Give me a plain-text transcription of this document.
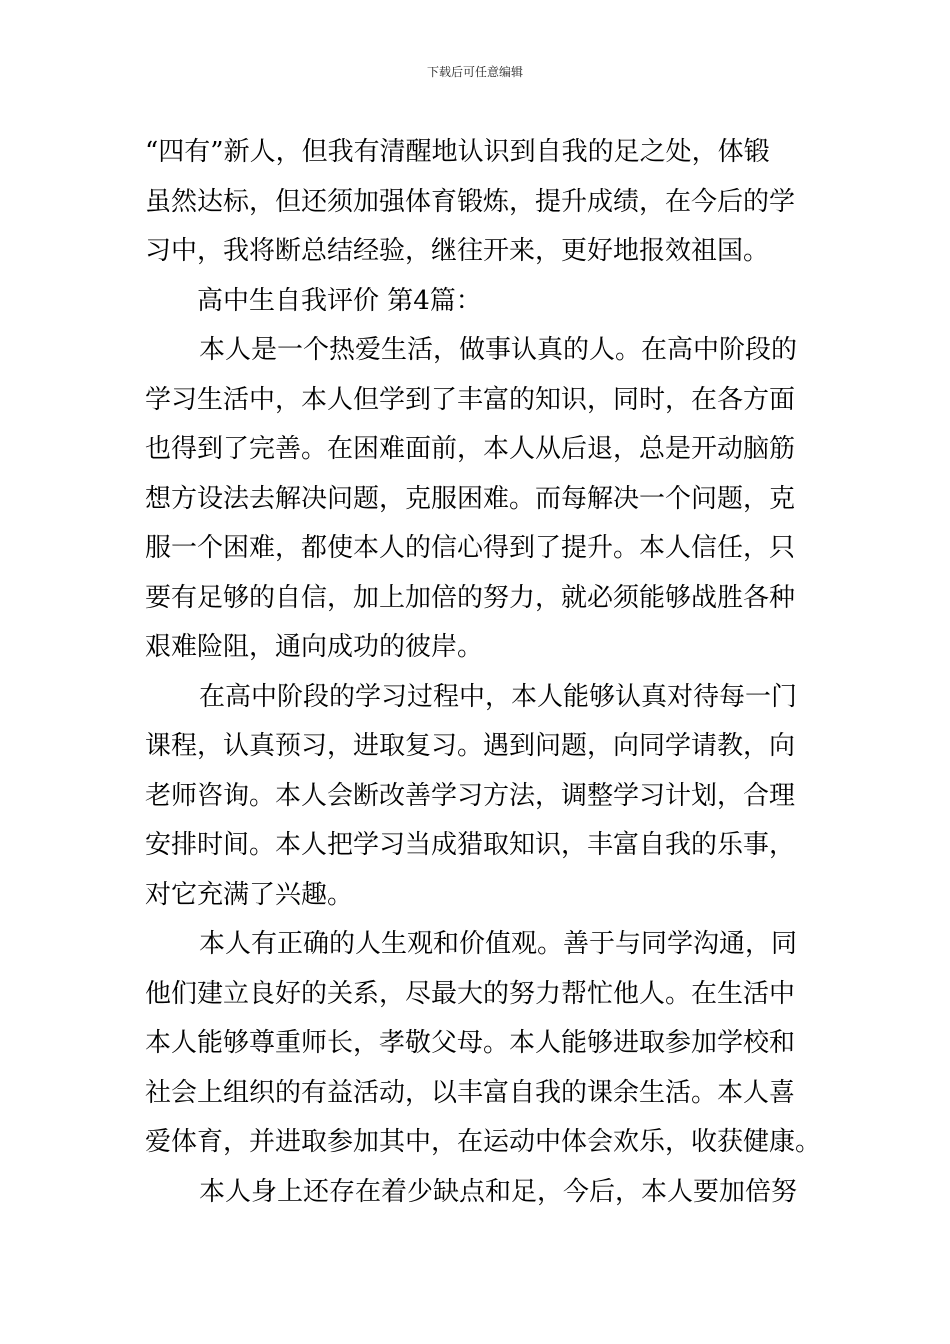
下载后可任意编辑
“四有”新人，但我有清醒地认识到自我的足之处，体锻
虽然达标，但还须加强体育锻炼，提升成绩，在今后的学
习中，我将断总结经验，继往开来，更好地报效祖国。
高中生自我评价 第4篇：
本人是一个热爱生活，做事认真的人。在高中阶段的
学习生活中，本人但学到了丰富的知识，同时，在各方面
也得到了完善。在困难面前，本人从后退，总是开动脑筋
想方设法去解决问题，克服困难。而每解决一个问题，克
服一个困难，都使本人的信心得到了提升。本人信任，只
要有足够的自信，加上加倍的努力，就必须能够战胜各种
艰难险阻，通向成功的彼岸。
在高中阶段的学习过程中，本人能够认真对待每一门
课程，认真预习，进取复习。遇到问题，向同学请教，向
老师咨询。本人会断改善学习方法，调整学习计划，合理
安排时间。本人把学习当成猎取知识，丰富自我的乐事，
对它充满了兴趣。
本人有正确的人生观和价值观。善于与同学沟通，同
他们建立良好的关系，尽最大的努力帮忙他人。在生活中
本人能够尊重师长，孝敬父母。本人能够进取参加学校和
社会上组织的有益活动，以丰富自我的课余生活。本人喜
爱体育，并进取参加其中，在运动中体会欢乐，收获健康。
本人身上还存在着少缺点和足，今后，本人要加倍努
